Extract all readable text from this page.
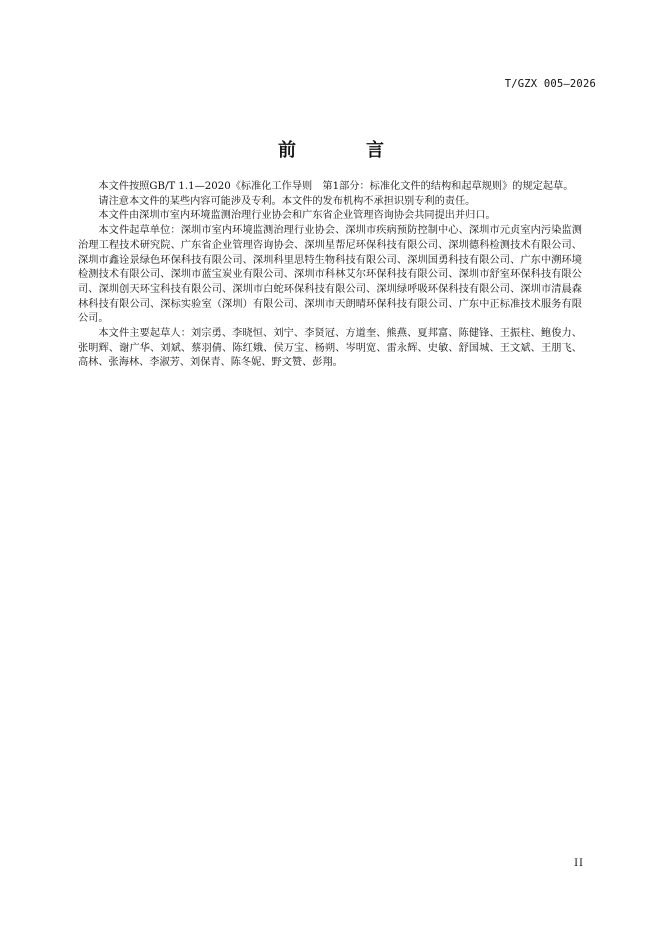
T/GZX 005—2026
前　言

本文件按照GB/T 1.1—2020《标准化工作导则　第1部分：标准化文件的结构和起草规则》的规定起草。

请注意本文件的某些内容可能涉及专利。本文件的发布机构不承担识别专利的责任。

本文件由深圳市室内环境监测治理行业协会和广东省企业管理咨询协会共同提出并归口。

本文件起草单位：深圳市室内环境监测治理行业协会、深圳市疾病预防控制中心、深圳市元贞室内污染监测治理工程技术研究院、广东省企业管理咨询协会、深圳星帮尼环保科技有限公司、深圳德科检测技术有限公司、深圳市鑫诠景绿色环保科技有限公司、深圳科里思特生物科技有限公司、深圳国勇科技有限公司、广东中溯环境检测技术有限公司、深圳市蓝宝炭业有限公司、深圳市科林艾尔环保科技有限公司、深圳市舒室环保科技有限公司、深圳创天环宝科技有限公司、深圳市白蛇环保科技有限公司、深圳绿呼吸环保科技有限公司、深圳市清晨森林科技有限公司、深标实验室（深圳）有限公司、深圳市天朗晴环保科技有限公司、广东中正标准技术服务有限公司。

本文件主要起草人：刘宗勇、李晓恒、刘宁、李贤冠、方道奎、熊燕、夏邦富、陈健锋、王振柱、鲍俊力、张明辉、谢广华、刘斌、蔡羽倩、陈红娥、侯万宝、杨朔、岑明宽、雷永辉、史敏、舒国城、王文斌、王朋飞、高林、张海林、李淑芳、刘保青、陈冬妮、野文赞、彭翔。

II
